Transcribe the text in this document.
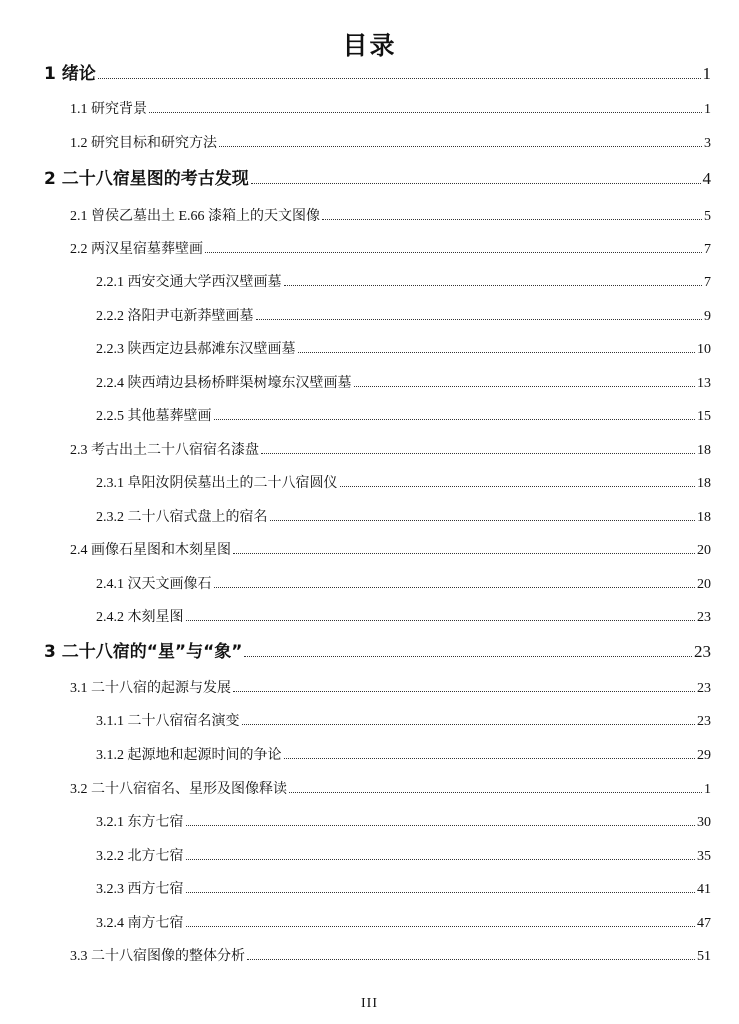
目录
1 绪论	1
1.1 研究背景	1
1.2 研究目标和研究方法	3
2 二十八宿星图的考古发现	4
2.1 曾侯乙墓出土 E.66 漆箱上的天文图像	5
2.2 两汉星宿墓葬壁画	7
2.2.1 西安交通大学西汉壁画墓	7
2.2.2 洛阳尹屯新莽壁画墓	9
2.2.3 陕西定边县郝滩东汉壁画墓	10
2.2.4 陕西靖边县杨桥畔渠树壕东汉壁画墓	13
2.2.5 其他墓葬壁画	15
2.3 考古出土二十八宿宿名漆盘	18
2.3.1 阜阳汝阴侯墓出土的二十八宿圆仪	18
2.3.2 二十八宿式盘上的宿名	18
2.4 画像石星图和木刻星图	20
2.4.1 汉天文画像石	20
2.4.2 木刻星图	23
3 二十八宿的“星”与“象”	23
3.1 二十八宿的起源与发展	23
3.1.1 二十八宿宿名演变	23
3.1.2 起源地和起源时间的争论	29
3.2 二十八宿宿名、星形及图像释读	1
3.2.1 东方七宿	30
3.2.2 北方七宿	35
3.2.3 西方七宿	41
3.2.4 南方七宿	47
3.3 二十八宿图像的整体分析	51
III
